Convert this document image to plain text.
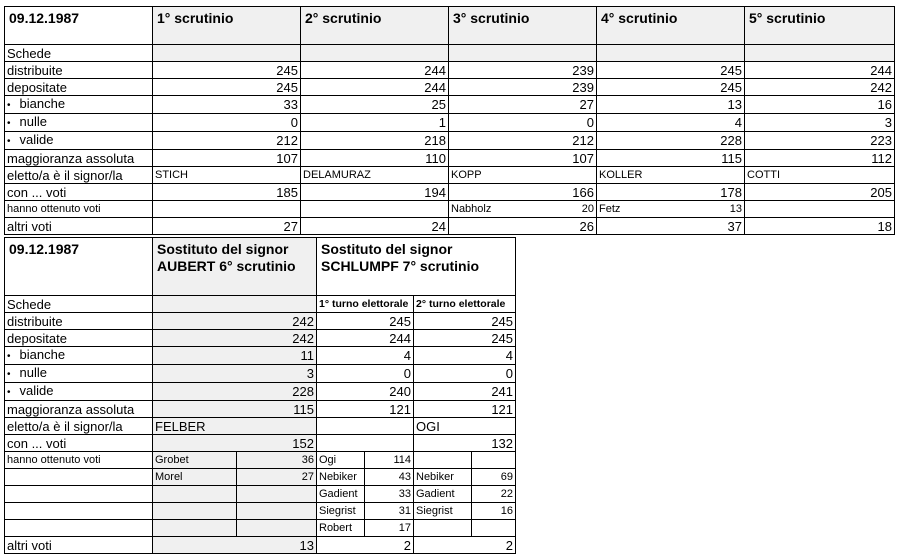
09.12.1987	1° scrutinio	2° scrutinio	3° scrutinio	4° scrutinio	5° scrutinio
Schede					
distribuite	245	244	239	245	244
depositate	245	244	239	245	242
• bianche	33	25	27	13	16
• nulle	0	1	0	4	3
• valide	212	218	212	228	223
maggioranza assoluta	107	110	107	115	112
eletto/a è il signor/la	STICH	DELAMURAZ	KOPP	KOLLER	COTTI
con ... voti	185	194	166	178	205
hanno ottenuto voti			Nabholz 20	Fetz 13	

altri voti	27	24	26	37	18
09.12.1987	Sostituto del signor AUBERT 6° scrutinio		Sostituto del signor SCHLUMPF 7° scrutinio			
Schede			1° turno elettorale		2° turno elettorale	
distribuite	242		245		245	
depositate	242		244		245	
• bianche	11		4		4	
• nulle	3		0		0	
• valide	228		240		241	
maggioranza assoluta	115		121		121	
eletto/a è il signor/la	FELBER				OGI	
con ... voti	152				132	
hanno ottenuto voti	Grobet	36	Ogi	114		
	Morel	27	Nebiker	43	Nebiker	69
			Gadient	33	Gadient	22
			Siegrist	31	Siegrist	16
			Robert	17		
altri voti	13		2		2	
